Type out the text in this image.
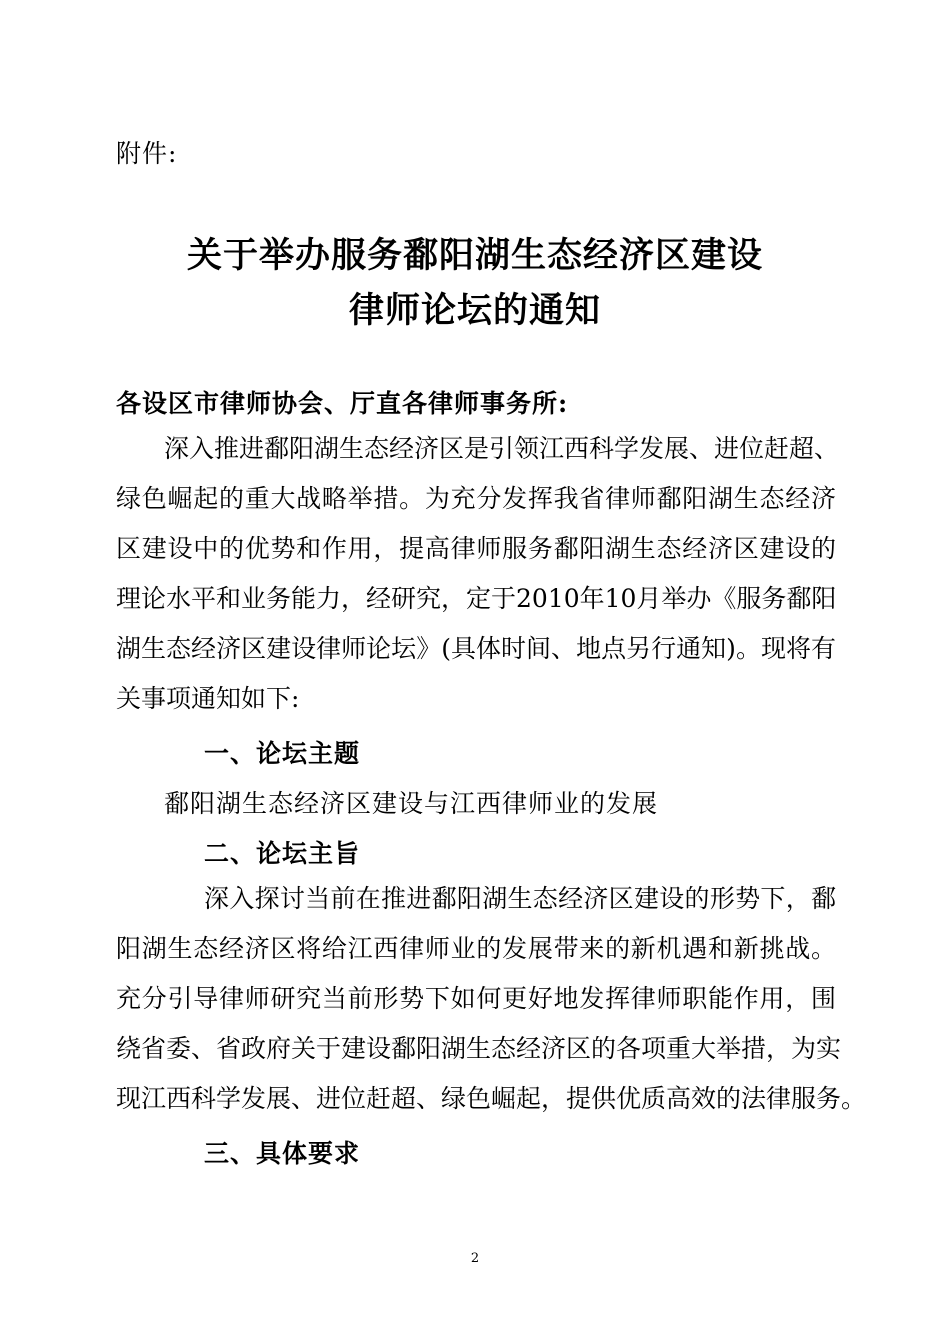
附件:
关于举办服务鄱阳湖生态经济区建设
律师论坛的通知
各设区市律师协会、厅直各律师事务所:
深入推进鄱阳湖生态经济区是引领江西科学发展、进位赶超、
绿色崛起的重大战略举措。为充分发挥我省律师鄱阳湖生态经济
区建设中的优势和作用，提高律师服务鄱阳湖生态经济区建设的
理论水平和业务能力，经研究，定于2010年10月举办《服务鄱阳
湖生态经济区建设律师论坛》(具体时间、地点另行通知)。现将有
关事项通知如下:
一、论坛主题
鄱阳湖生态经济区建设与江西律师业的发展
二、论坛主旨
深入探讨当前在推进鄱阳湖生态经济区建设的形势下，鄱
阳湖生态经济区将给江西律师业的发展带来的新机遇和新挑战。
充分引导律师研究当前形势下如何更好地发挥律师职能作用，围
绕省委、省政府关于建设鄱阳湖生态经济区的各项重大举措，为实
现江西科学发展、进位赶超、绿色崛起，提供优质高效的法律服务。
三、具体要求
2
